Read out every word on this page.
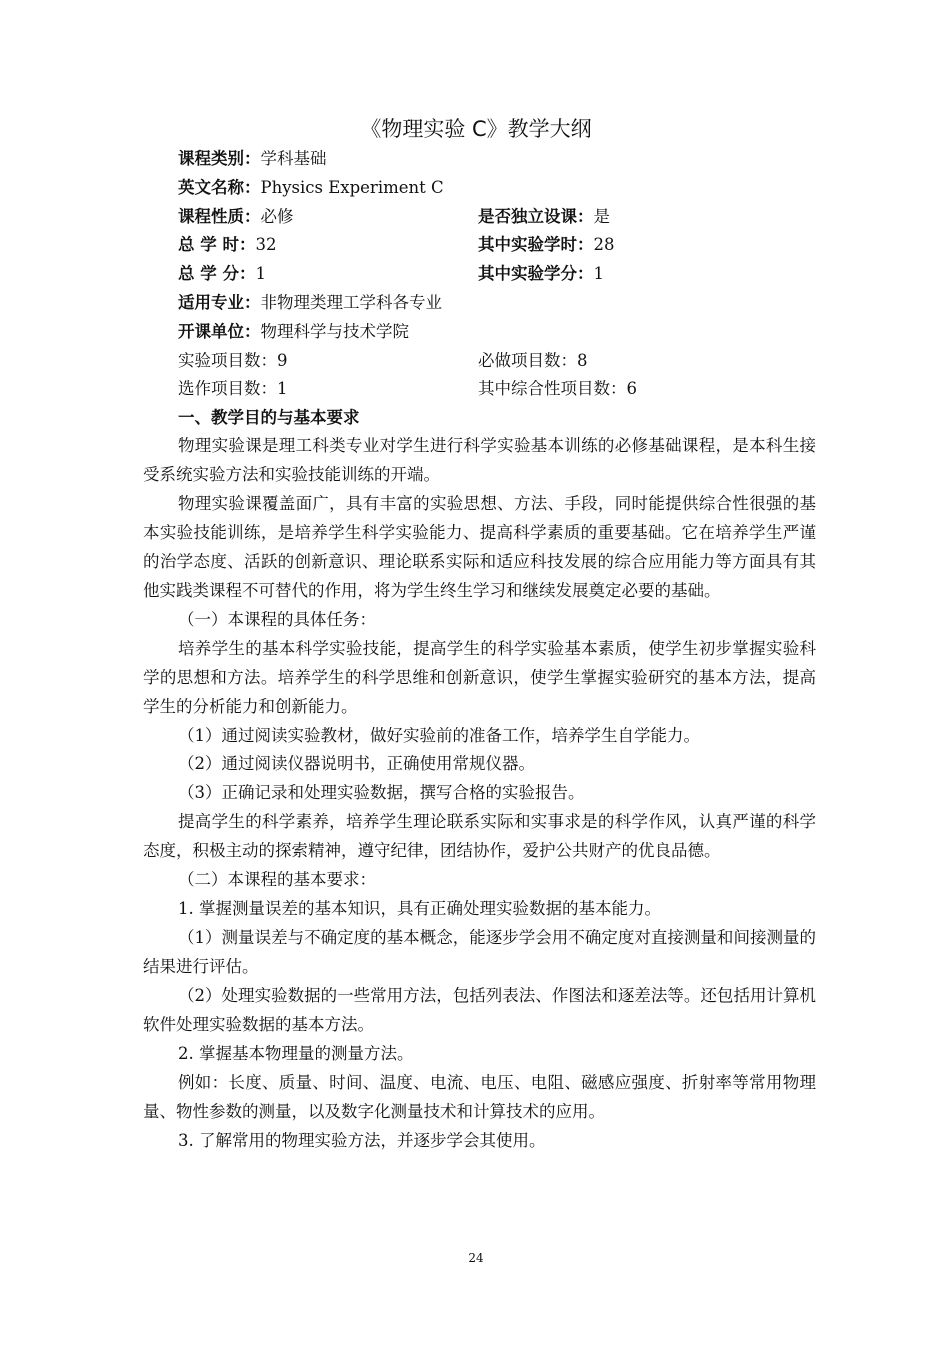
《物理实验 C》教学大纲
课程类别：学科基础
英文名称：Physics Experiment C
课程性质：必修	是否独立设课：是
总 学 时：32	其中实验学时：28
总 学 分：1	其中实验学分：1
适用专业：非物理类理工学科各专业
开课单位：物理科学与技术学院
实验项目数：9	必做项目数：8
选作项目数：1	其中综合性项目数：6
一、教学目的与基本要求

物理实验课是理工科类专业对学生进行科学实验基本训练的必修基础课程，是本科生接受系统实验方法和实验技能训练的开端。

物理实验课覆盖面广，具有丰富的实验思想、方法、手段，同时能提供综合性很强的基本实验技能训练，是培养学生科学实验能力、提高科学素质的重要基础。它在培养学生严谨的治学态度、活跃的创新意识、理论联系实际和适应科技发展的综合应用能力等方面具有其他实践类课程不可替代的作用，将为学生终生学习和继续发展奠定必要的基础。

（一）本课程的具体任务：

培养学生的基本科学实验技能，提高学生的科学实验基本素质，使学生初步掌握实验科学的思想和方法。培养学生的科学思维和创新意识，使学生掌握实验研究的基本方法，提高学生的分析能力和创新能力。

（1）通过阅读实验教材，做好实验前的准备工作，培养学生自学能力。

（2）通过阅读仪器说明书，正确使用常规仪器。

（3）正确记录和处理实验数据，撰写合格的实验报告。

提高学生的科学素养，培养学生理论联系实际和实事求是的科学作风，认真严谨的科学态度，积极主动的探索精神，遵守纪律，团结协作，爱护公共财产的优良品德。

（二）本课程的基本要求：

1. 掌握测量误差的基本知识，具有正确处理实验数据的基本能力。

（1）测量误差与不确定度的基本概念，能逐步学会用不确定度对直接测量和间接测量的结果进行评估。

（2）处理实验数据的一些常用方法，包括列表法、作图法和逐差法等。还包括用计算机软件处理实验数据的基本方法。

2. 掌握基本物理量的测量方法。

例如：长度、质量、时间、温度、电流、电压、电阻、磁感应强度、折射率等常用物理量、物性参数的测量，以及数字化测量技术和计算技术的应用。

3. 了解常用的物理实验方法，并逐步学会其使用。

24
